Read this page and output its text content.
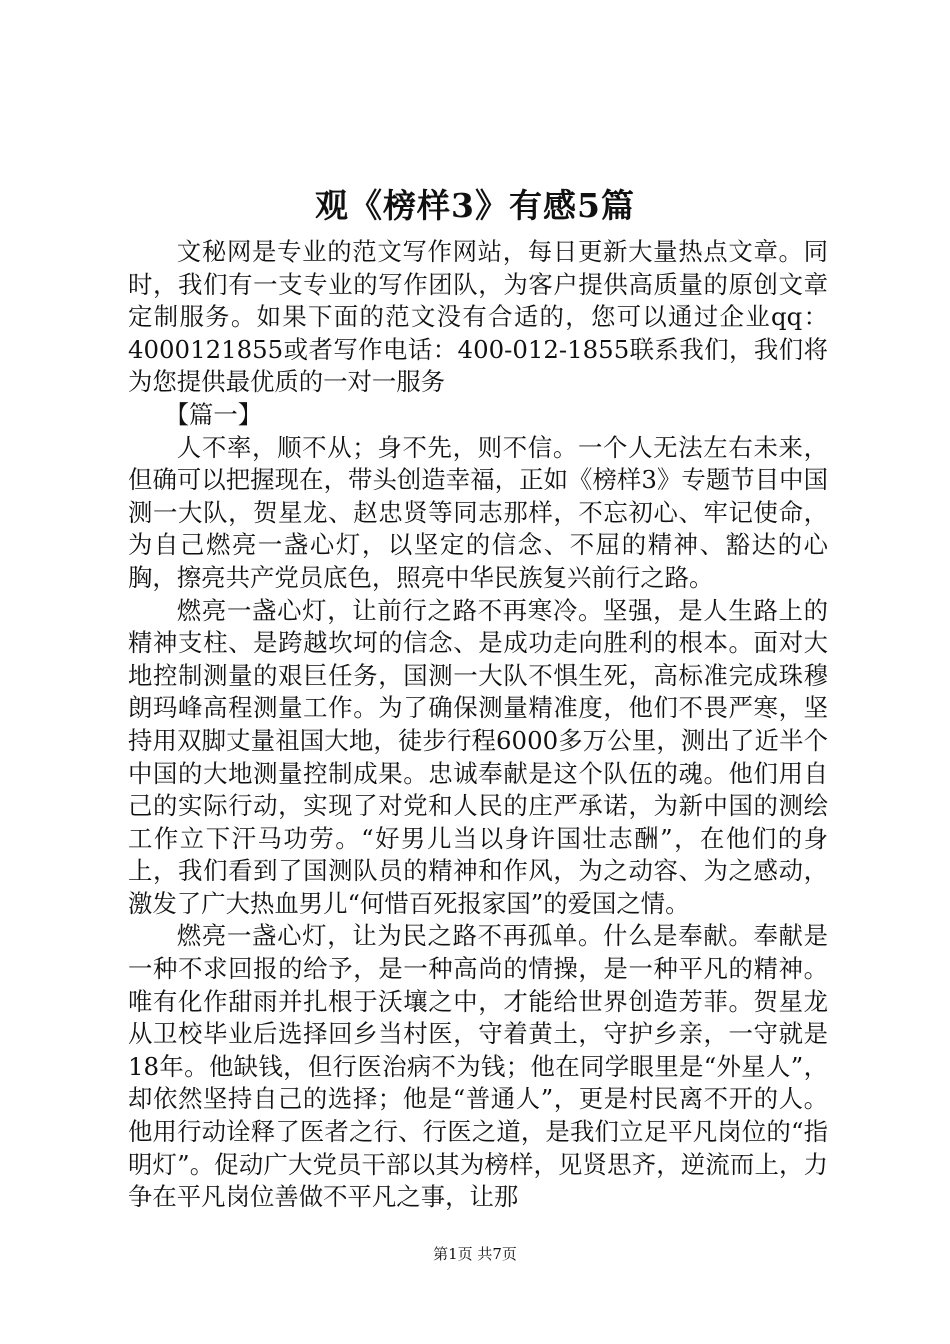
观《榜样3》有感5篇

文秘网是专业的范文写作网站，每日更新大量热点文章。同时，我们有一支专业的写作团队，为客户提供高质量的原创文章定制服务。如果下面的范文没有合适的，您可以通过企业qq：4000121855或者写作电话：400-012-1855联系我们，我们将为您提供最优质的一对一服务

【篇一】

人不率，顺不从；身不先，则不信。一个人无法左右未来，但确可以把握现在，带头创造幸福，正如《榜样3》专题节目中国测一大队，贺星龙、赵忠贤等同志那样，不忘初心、牢记使命，为自己燃亮一盏心灯，以坚定的信念、不屈的精神、豁达的心胸，擦亮共产党员底色，照亮中华民族复兴前行之路。

燃亮一盏心灯，让前行之路不再寒冷。坚强，是人生路上的精神支柱、是跨越坎坷的信念、是成功走向胜利的根本。面对大地控制测量的艰巨任务，国测一大队不惧生死，高标准完成珠穆朗玛峰高程测量工作。为了确保测量精准度，他们不畏严寒，坚持用双脚丈量祖国大地，徒步行程6000多万公里，测出了近半个中国的大地测量控制成果。忠诚奉献是这个队伍的魂。他们用自己的实际行动，实现了对党和人民的庄严承诺，为新中国的测绘工作立下汗马功劳。“好男儿当以身许国壮志酬”，在他们的身上，我们看到了国测队员的精神和作风，为之动容、为之感动，激发了广大热血男儿“何惜百死报家国”的爱国之情。

燃亮一盏心灯，让为民之路不再孤单。什么是奉献。奉献是一种不求回报的给予，是一种高尚的情操，是一种平凡的精神。唯有化作甜雨并扎根于沃壤之中，才能给世界创造芳菲。贺星龙从卫校毕业后选择回乡当村医，守着黄土，守护乡亲，一守就是18年。他缺钱，但行医治病不为钱；他在同学眼里是“外星人”，却依然坚持自己的选择；他是“普通人”，更是村民离不开的人。他用行动诠释了医者之行、行医之道，是我们立足平凡岗位的“指明灯”。促动广大党员干部以其为榜样，见贤思齐，逆流而上，力争在平凡岗位善做不平凡之事，让那

第1页 共7页
